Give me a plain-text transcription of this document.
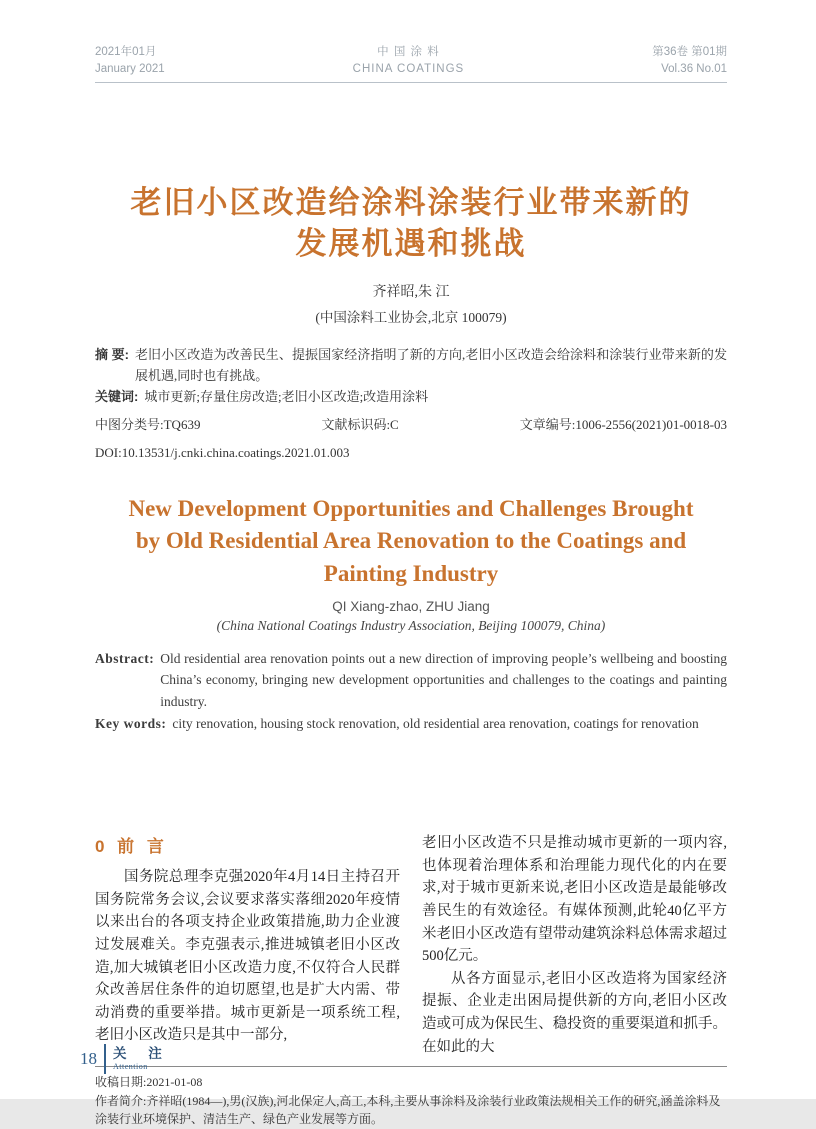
2021年01月
January 2021
中 国 涂 料
CHINA COATINGS
第36卷 第01期
Vol.36 No.01
老旧小区改造给涂料涂装行业带来新的
发展机遇和挑战
齐祥昭,朱 江
(中国涂料工业协会,北京 100079)
摘 要: 老旧小区改造为改善民生、提振国家经济指明了新的方向,老旧小区改造会给涂料和涂装行业带来新的发展机遇,同时也有挑战。
关键词: 城市更新;存量住房改造;老旧小区改造;改造用涂料
中图分类号:TQ639	文献标识码:C	文章编号:1006-2556(2021)01-0018-03
DOI:10.13531/j.cnki.china.coatings.2021.01.003
New Development Opportunities and Challenges Brought
by Old Residential Area Renovation to the Coatings and
Painting Industry
QI Xiang-zhao, ZHU Jiang
(China National Coatings Industry Association, Beijing 100079, China)
Abstract: Old residential area renovation points out a new direction of improving people’s wellbeing and boosting China’s economy, bringing new development opportunities and challenges to the coatings and painting industry.
Key words: city renovation, housing stock renovation, old residential area renovation, coatings for renovation
0 前 言

国务院总理李克强2020年4月14日主持召开国务院常务会议,会议要求落实落细2020年疫情以来出台的各项支持企业政策措施,助力企业渡过发展难关。李克强表示,推进城镇老旧小区改造,加大城镇老旧小区改造力度,不仅符合人民群众改善居住条件的迫切愿望,也是扩大内需、带动消费的重要举措。城市更新是一项系统工程,老旧小区改造只是其中一部分,

老旧小区改造不只是推动城市更新的一项内容,也体现着治理体系和治理能力现代化的内在要求,对于城市更新来说,老旧小区改造是最能够改善民生的有效途径。有媒体预测,此轮40亿平方米老旧小区改造有望带动建筑涂料总体需求超过500亿元。

从各方面显示,老旧小区改造将为国家经济提振、企业走出困局提供新的方向,老旧小区改造或可成为保民生、稳投资的重要渠道和抓手。在如此的大

收稿日期:2021-01-08
作者简介:齐祥昭(1984—),男(汉族),河北保定人,高工,本科,主要从事涂料及涂装行业政策法规相关工作的研究,涵盖涂料及涂装行业环境保护、清洁生产、绿色产业发展等方面。
18 关 注
Attention
